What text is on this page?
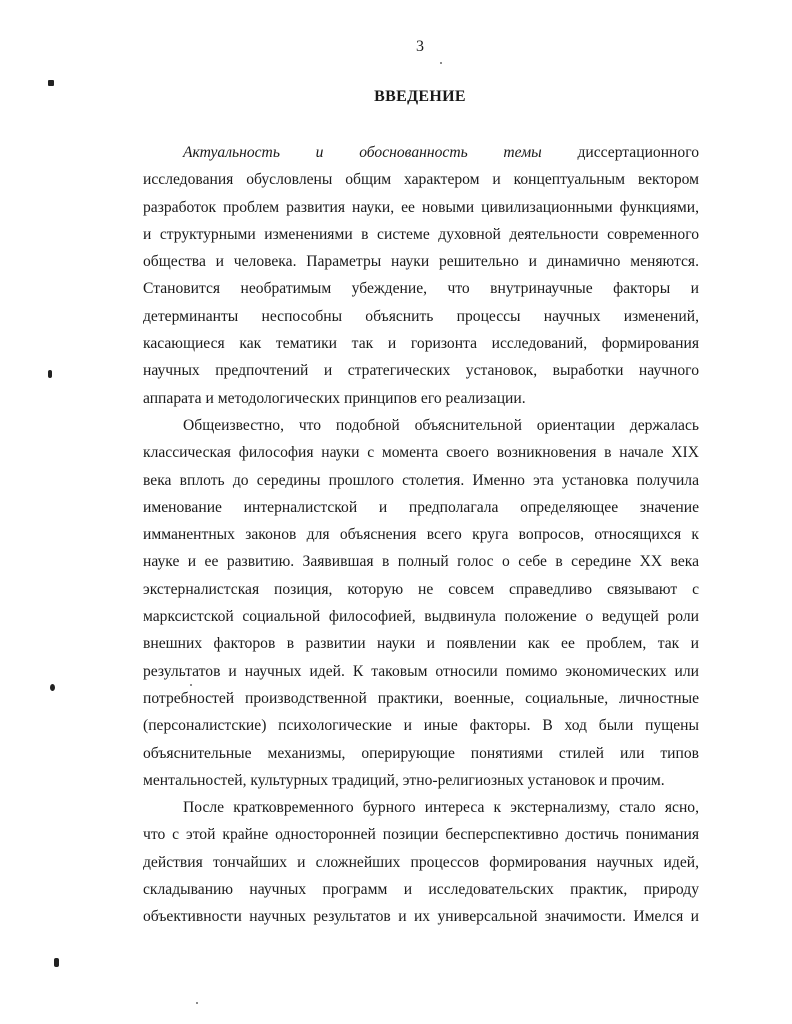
3
ВВЕДЕНИЕ
Актуальность и обоснованность темы диссертационного
исследования обусловлены общим характером и концептуальным вектором
разработок проблем развития науки, ее новыми цивилизационными функциями,
и структурными изменениями в системе духовной деятельности современного
общества и человека. Параметры науки решительно и динамично меняются.
Становится необратимым убеждение, что внутринаучные факторы и
детерминанты неспособны объяснить процессы научных изменений,
касающиеся как тематики так и горизонта исследований, формирования
научных предпочтений и стратегических установок, выработки научного
аппарата и методологических принципов его реализации.
Общеизвестно, что подобной объяснительной ориентации держалась
классическая философия науки с момента своего возникновения в начале XIX
века вплоть до середины прошлого столетия. Именно эта установка получила
именование интерналистской и предполагала определяющее значение
имманентных законов для объяснения всего круга вопросов, относящихся к
науке и ее развитию. Заявившая в полный голос о себе в середине XX века
экстерналистская позиция, которую не совсем справедливо связывают с
марксистской социальной философией, выдвинула положение о ведущей роли
внешних факторов в развитии науки и появлении как ее проблем, так и
результатов и научных идей. К таковым относили помимо экономических или
потребностей производственной практики, военные, социальные, личностные
(персоналистские) психологические и иные факторы. В ход были пущены
объяснительные механизмы, оперирующие понятиями стилей или типов
ментальностей, культурных традиций, этно-религиозных установок и прочим.
После кратковременного бурного интереса к экстернализму, стало ясно,
что с этой крайне односторонней позиции бесперспективно достичь понимания
действия тончайших и сложнейших процессов формирования научных идей,
складыванию научных программ и исследовательских практик, природу
объективности научных результатов и их универсальной значимости. Имелся и
